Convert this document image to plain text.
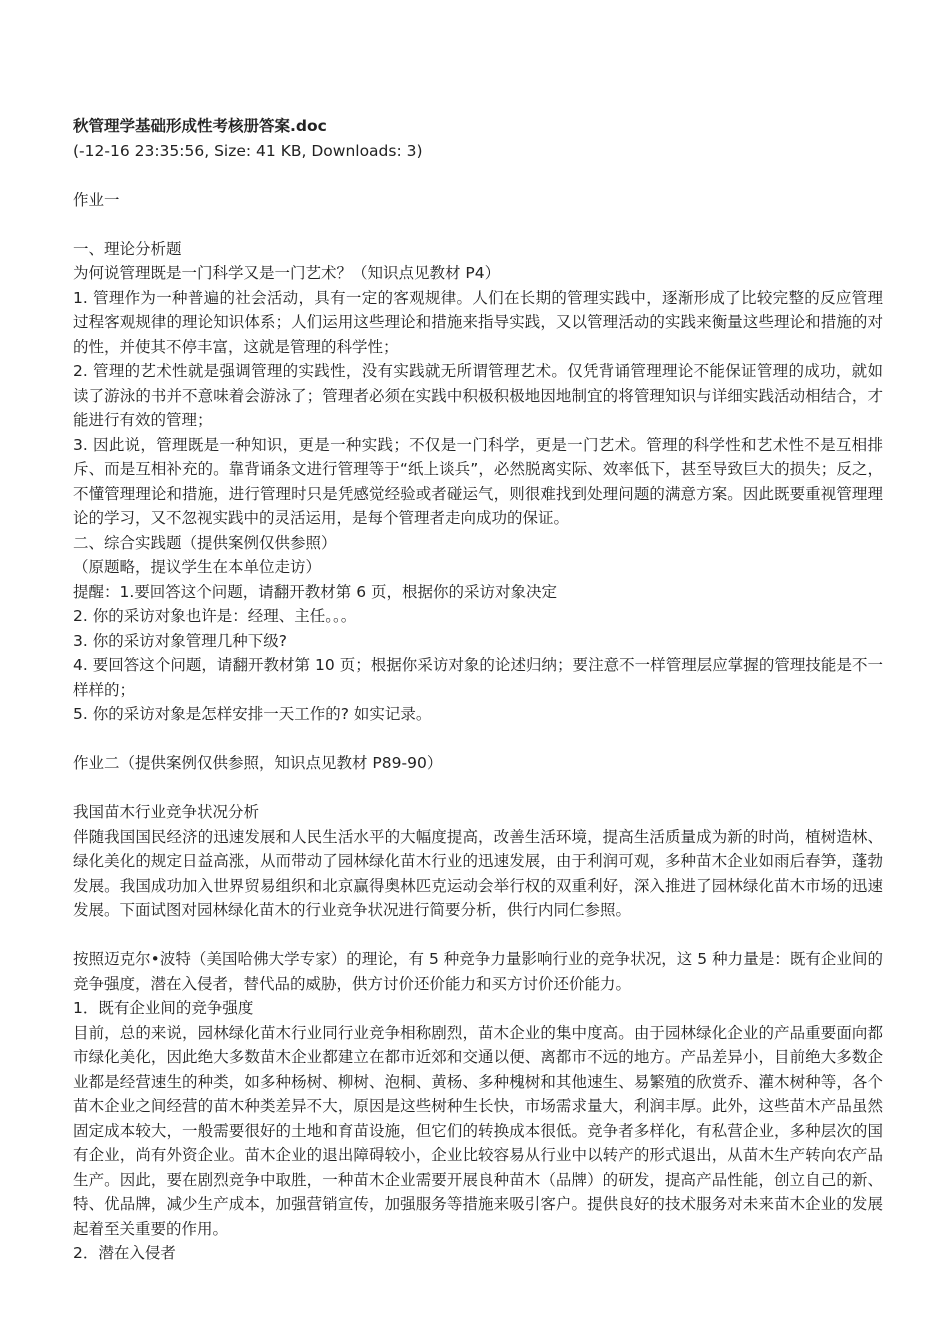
秋管理学基础形成性考核册答案.doc

(-12-16 23:35:56, Size: 41 KB, Downloads: 3)

作业一

一、理论分析题

为何说管理既是一门科学又是一门艺术？（知识点见教材 P4）

1. 管理作为一种普遍的社会活动，具有一定的客观规律。人们在长期的管理实践中，逐渐形成了比较完整的反应管理过程客观规律的理论知识体系；人们运用这些理论和措施来指导实践，又以管理活动的实践来衡量这些理论和措施的对的性，并使其不停丰富，这就是管理的科学性；

2. 管理的艺术性就是强调管理的实践性，没有实践就无所谓管理艺术。仅凭背诵管理理论不能保证管理的成功，就如读了游泳的书并不意味着会游泳了；管理者必须在实践中积极积极地因地制宜的将管理知识与详细实践活动相结合，才能进行有效的管理；

3. 因此说，管理既是一种知识，更是一种实践；不仅是一门科学，更是一门艺术。管理的科学性和艺术性不是互相排斥、而是互相补充的。靠背诵条文进行管理等于“纸上谈兵”，必然脱离实际、效率低下，甚至导致巨大的损失；反之，不懂管理理论和措施，进行管理时只是凭感觉经验或者碰运气，则很难找到处理问题的满意方案。因此既要重视管理理论的学习，又不忽视实践中的灵活运用，是每个管理者走向成功的保证。

二、综合实践题（提供案例仅供参照）

（原题略，提议学生在本单位走访）

提醒：1.要回答这个问题，请翻开教材第 6 页，根据你的采访对象决定

2. 你的采访对象也许是：经理、主任。。。

3. 你的采访对象管理几种下级?

4. 要回答这个问题，请翻开教材第 10 页；根据你采访对象的论述归纳；要注意不一样管理层应掌握的管理技能是不一样样的；

5. 你的采访对象是怎样安排一天工作的? 如实记录。

作业二（提供案例仅供参照，知识点见教材 P89-90）

我国苗木行业竞争状况分析

伴随我国国民经济的迅速发展和人民生活水平的大幅度提高，改善生活环境，提高生活质量成为新的时尚，植树造林、绿化美化的规定日益高涨，从而带动了园林绿化苗木行业的迅速发展，由于利润可观，多种苗木企业如雨后春笋，蓬勃发展。我国成功加入世界贸易组织和北京赢得奥林匹克运动会举行权的双重利好，深入推进了园林绿化苗木市场的迅速发展。下面试图对园林绿化苗木的行业竞争状况进行简要分析，供行内同仁参照。

按照迈克尔•波特（美国哈佛大学专家）的理论，有 5 种竞争力量影响行业的竞争状况，这 5 种力量是：既有企业间的竞争强度，潜在入侵者，替代品的威胁，供方讨价还价能力和买方讨价还价能力。

1．既有企业间的竞争强度

目前，总的来说，园林绿化苗木行业同行业竞争相称剧烈，苗木企业的集中度高。由于园林绿化企业的产品重要面向都市绿化美化，因此绝大多数苗木企业都建立在都市近郊和交通以便、离都市不远的地方。产品差异小，目前绝大多数企业都是经营速生的种类，如多种杨树、柳树、泡桐、黄杨、多种槐树和其他速生、易繁殖的欣赏乔、灌木树种等，各个苗木企业之间经营的苗木种类差异不大，原因是这些树种生长快，市场需求量大，利润丰厚。此外，这些苗木产品虽然固定成本较大，一般需要很好的土地和育苗设施，但它们的转换成本很低。竞争者多样化，有私营企业，多种层次的国有企业，尚有外资企业。苗木企业的退出障碍较小，企业比较容易从行业中以转产的形式退出，从苗木生产转向农产品生产。因此，要在剧烈竞争中取胜，一种苗木企业需要开展良种苗木（品牌）的研发，提高产品性能，创立自己的新、特、优品牌，减少生产成本，加强营销宣传，加强服务等措施来吸引客户。提供良好的技术服务对未来苗木企业的发展起着至关重要的作用。

2．潜在入侵者
